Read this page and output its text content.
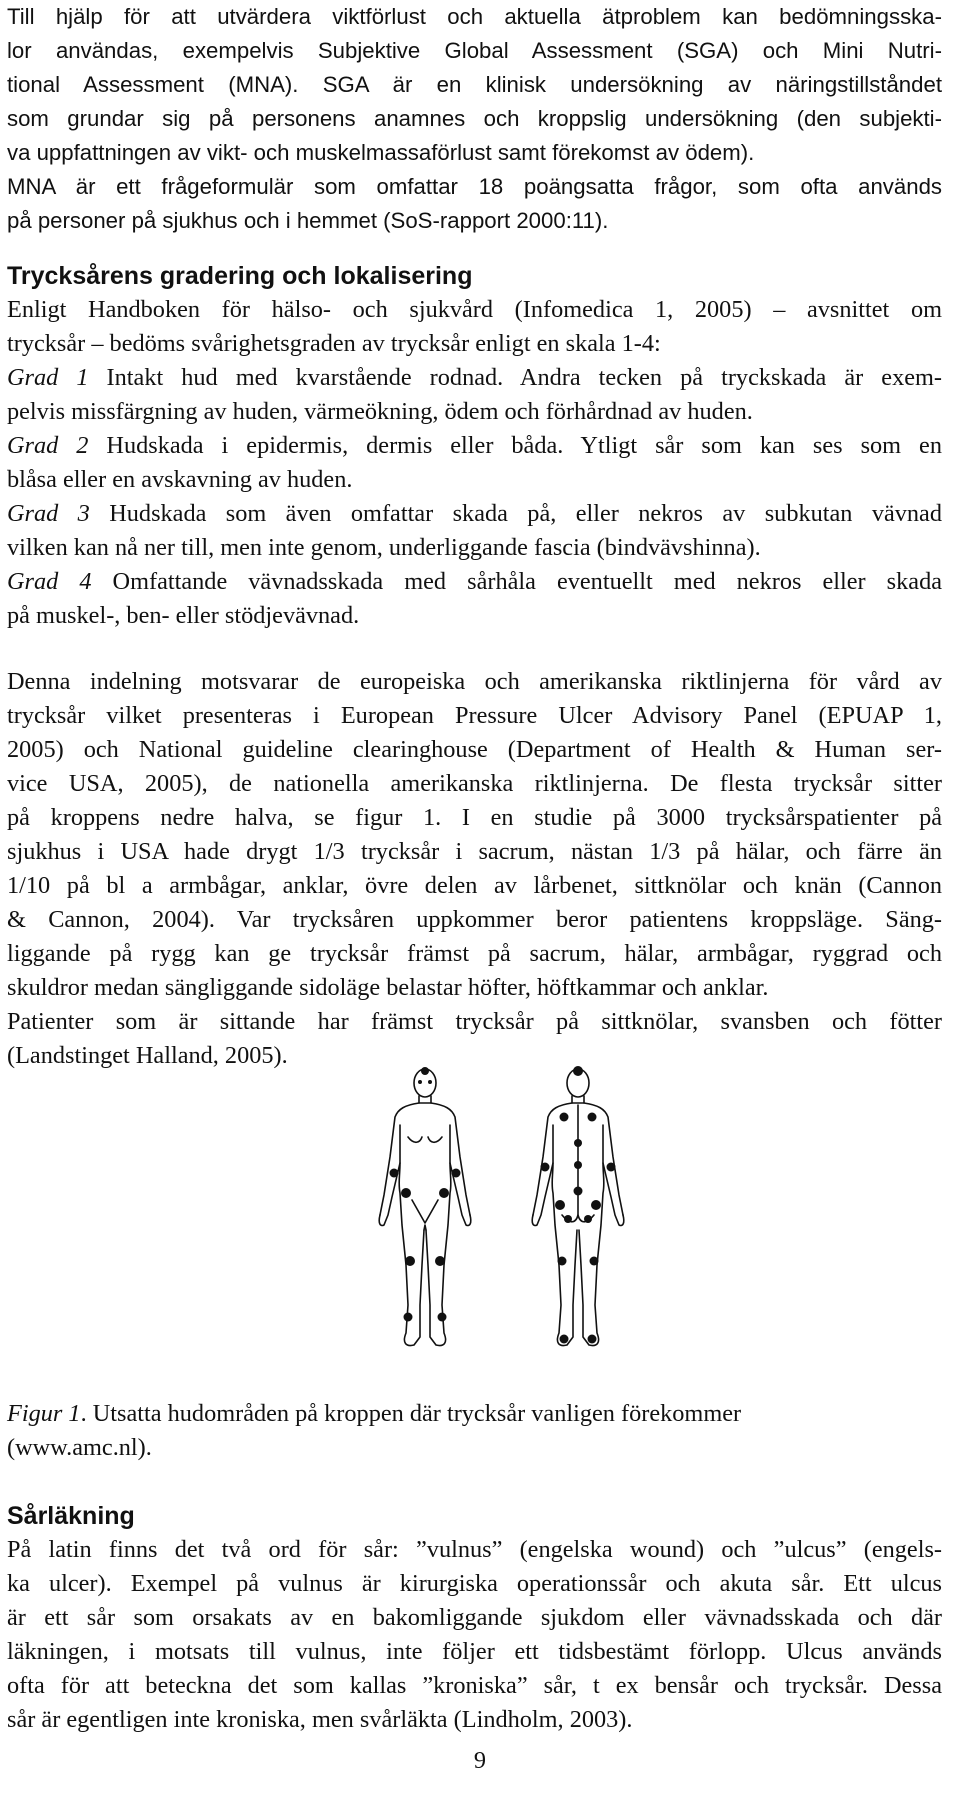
Till hjälp för att utvärdera viktförlust och aktuella ätproblem kan bedömningsska-
lor användas, exempelvis Subjektive Global Assessment (SGA) och Mini Nutri-
tional Assessment (MNA). SGA är en klinisk undersökning av näringstillståndet
som grundar sig på personens anamnes och kroppslig undersökning (den subjekti-
va uppfattningen av vikt- och muskelmassaförlust samt förekomst av ödem).
MNA är ett frågeformulär som omfattar 18 poängsatta frågor, som ofta används
på personer på sjukhus och i hemmet (SoS-rapport 2000:11).
Trycksårens gradering och lokalisering
Enligt Handboken för hälso- och sjukvård (Infomedica 1, 2005) – avsnittet om
trycksår – bedöms svårighetsgraden av trycksår enligt en skala 1-4:
Grad 1 Intakt hud med kvarstående rodnad. Andra tecken på tryckskada är exem-
pelvis missfärgning av huden, värmeökning, ödem och förhårdnad av huden.
Grad 2 Hudskada i epidermis, dermis eller båda. Ytligt sår som kan ses som en
blåsa eller en avskavning av huden.
Grad 3 Hudskada som även omfattar skada på, eller nekros av subkutan vävnad
vilken kan nå ner till, men inte genom, underliggande fascia (bindvävshinna).
Grad 4 Omfattande vävnadsskada med sårhåla eventuellt med nekros eller skada
på muskel-, ben- eller stödjevävnad.
Denna indelning motsvarar de europeiska och amerikanska riktlinjerna för vård av
trycksår vilket presenteras i European Pressure Ulcer Advisory Panel (EPUAP 1,
2005) och National guideline clearinghouse (Department of Health & Human ser-
vice USA, 2005), de nationella amerikanska riktlinjerna. De flesta trycksår sitter
på kroppens nedre halva, se figur 1. I en studie på 3000 trycksårspatienter på
sjukhus i USA hade drygt 1/3 trycksår i sacrum, nästan 1/3 på hälar, och färre än
1/10 på bl a armbågar, anklar, övre delen av lårbenet, sittknölar och knän (Cannon
& Cannon, 2004). Var trycksåren uppkommer beror patientens kroppsläge. Säng-
liggande på rygg kan ge trycksår främst på sacrum, hälar, armbågar, ryggrad och
skuldror medan sängliggande sidoläge belastar höfter, höftkammar och anklar.
Patienter som är sittande har främst trycksår på sittknölar, svansben och fötter
(Landstinget Halland, 2005).
Figur 1. Utsatta hudområden på kroppen där trycksår vanligen förekommer
(www.amc.nl).
Sårläkning
På latin finns det två ord för sår: ”vulnus” (engelska wound) och ”ulcus” (engels-
ka ulcer). Exempel på vulnus är kirurgiska operationssår och akuta sår. Ett ulcus
är ett sår som orsakats av en bakomliggande sjukdom eller vävnadsskada och där
läkningen, i motsats till vulnus, inte följer ett tidsbestämt förlopp. Ulcus används
ofta för att beteckna det som kallas ”kroniska” sår, t ex bensår och trycksår. Dessa
sår är egentligen inte kroniska, men svårläkta (Lindholm, 2003).
9
